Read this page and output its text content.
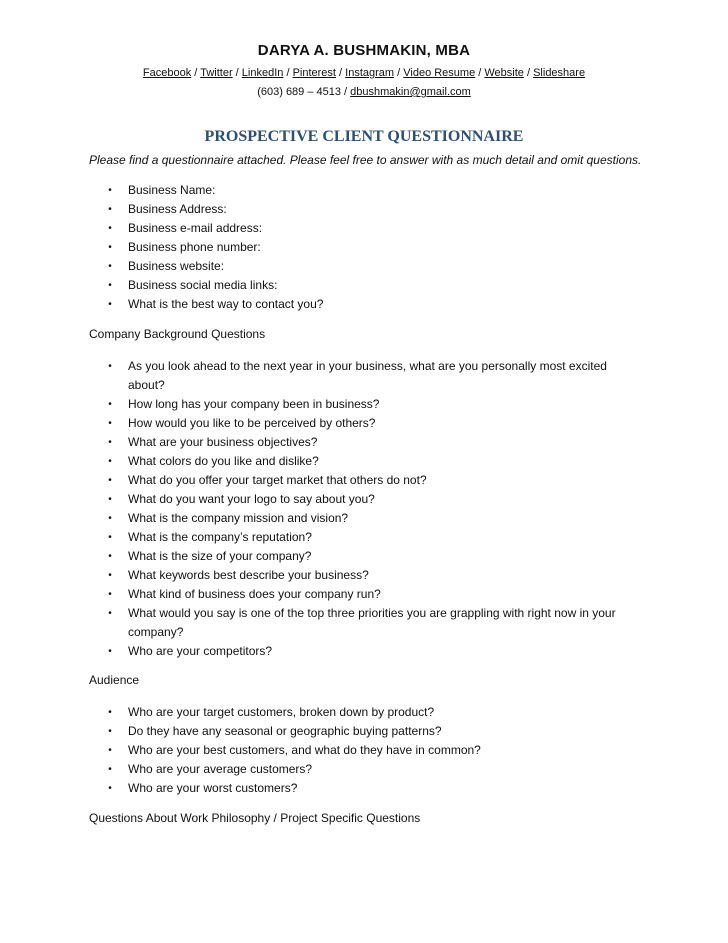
DARYA A. BUSHMAKIN, MBA
Facebook / Twitter / LinkedIn / Pinterest / Instagram / Video Resume / Website / Slideshare
(603) 689 – 4513 / dbushmakin@gmail.com
PROSPECTIVE CLIENT QUESTIONNAIRE
Please find a questionnaire attached. Please feel free to answer with as much detail and omit questions.
•	Business Name:
•	Business Address:
•	Business e-mail address:
•	Business phone number:
•	Business website:
•	Business social media links:
•	What is the best way to contact you?
Company Background Questions
•	As you look ahead to the next year in your business, what are you personally most excited about?
•	How long has your company been in business?
•	How would you like to be perceived by others?
•	What are your business objectives?
•	What colors do you like and dislike?
•	What do you offer your target market that others do not?
•	What do you want your logo to say about you?
•	What is the company mission and vision?
•	What is the company’s reputation?
•	What is the size of your company?
•	What keywords best describe your business?
•	What kind of business does your company run?
•	What would you say is one of the top three priorities you are grappling with right now in your company?
•	Who are your competitors?
Audience
•	Who are your target customers, broken down by product?
•	Do they have any seasonal or geographic buying patterns?
•	Who are your best customers, and what do they have in common?
•	Who are your average customers?
•	Who are your worst customers?
Questions About Work Philosophy / Project Specific Questions
